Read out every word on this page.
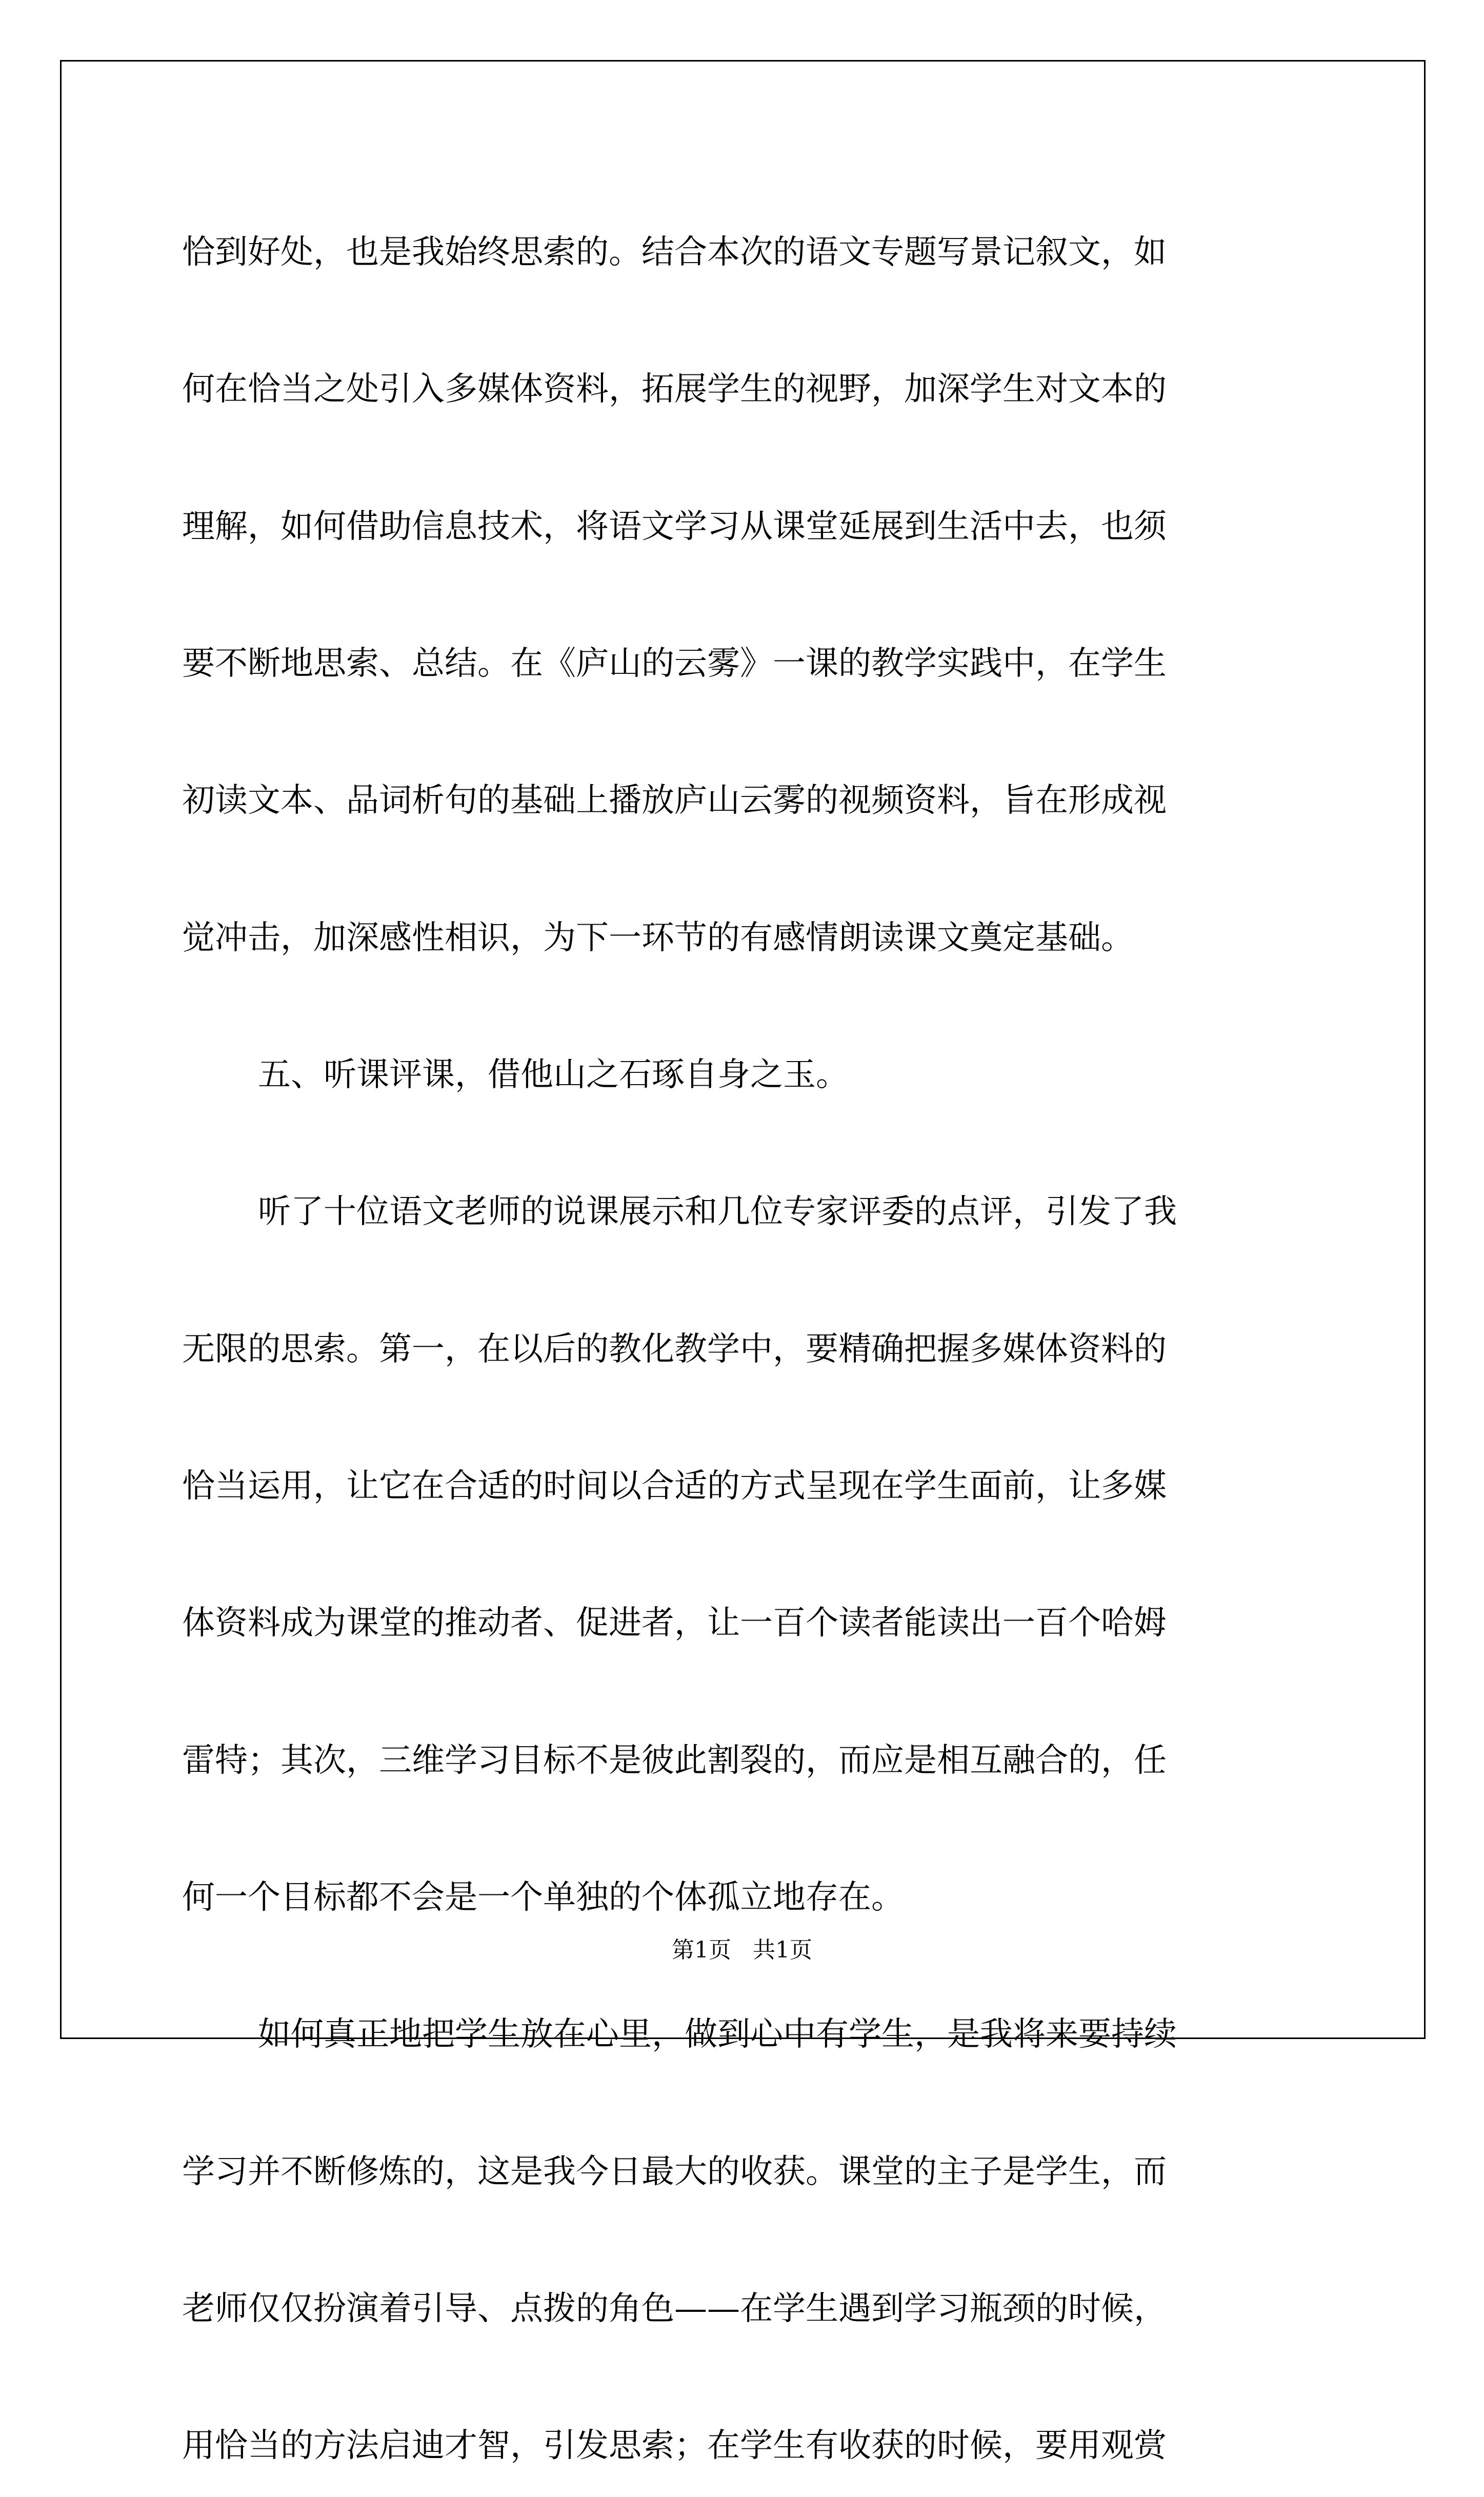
恰到好处，也是我始终思索的。结合本次的语文专题写景记叙文，如
何在恰当之处引入多媒体资料，拓展学生的视野，加深学生对文本的
理解，如何借助信息技术，将语文学习从课堂延展到生活中去，也须
要不断地思索、总结。在《庐山的云雾》一课的教学实践中，在学生
初读文本、品词析句的基础上播放庐山云雾的视频资料，旨在形成视
觉冲击，加深感性相识，为下一环节的有感情朗读课文奠定基础。
五、听课评课，借他山之石琢自身之玉。
听了十位语文老师的说课展示和几位专家评委的点评，引发了我
无限的思索。第一，在以后的教化教学中，要精确把握多媒体资料的
恰当运用，让它在合适的时间以合适的方式呈现在学生面前，让多媒
体资料成为课堂的推动者、促进者，让一百个读者能读出一百个哈姆
雷特；其次，三维学习目标不是彼此割裂的，而应是相互融合的，任
何一个目标都不会是一个单独的个体孤立地存在。
如何真正地把学生放在心里，做到心中有学生，是我将来要持续
学习并不断修炼的，这是我今日最大的收获。课堂的主子是学生，而
老师仅仅扮演着引导、点拨的角色——在学生遇到学习瓶颈的时候，
用恰当的方法启迪才智，引发思索；在学生有收获的时候，要用观赏
第1页   共1页
